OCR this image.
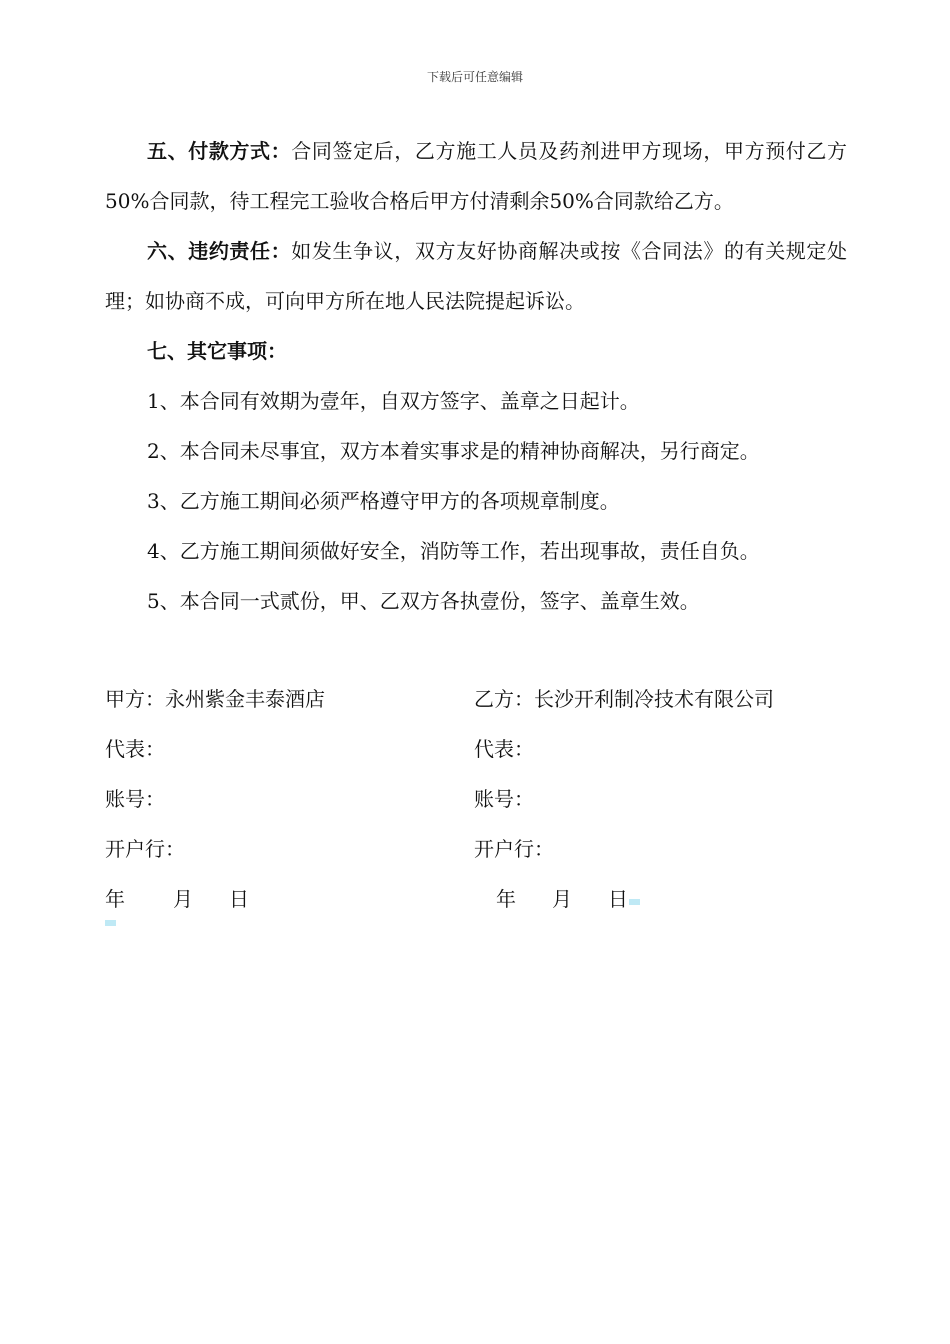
下载后可任意编辑

五、付款方式：合同签定后，乙方施工人员及药剂进甲方现场，甲方预付乙方50%合同款，待工程完工验收合格后甲方付清剩余50%合同款给乙方。

六、违约责任：如发生争议，双方友好协商解决或按《合同法》的有关规定处理；如协商不成，可向甲方所在地人民法院提起诉讼。

七、其它事项：

1、本合同有效期为壹年，自双方签字、盖章之日起计。
2、本合同未尽事宜，双方本着实事求是的精神协商解决，另行商定。
3、乙方施工期间必须严格遵守甲方的各项规章制度。
4、乙方施工期间须做好安全，消防等工作，若出现事故，责任自负。
5、本合同一式贰份，甲、乙双方各执壹份，签字、盖章生效。
甲方：永州紫金丰泰酒店	乙方：长沙开利制冷技术有限公司
代表：	代表：
账号：	账号：
开户行：	开户行：
年 月 日	年 月 日
